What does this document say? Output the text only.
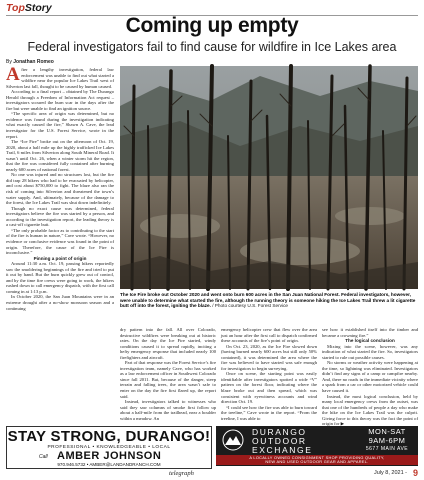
TopStory
Coming up empty
Federal investigators fail to find cause for wildfire in Ice Lakes area
By Jonathan Romeo

After a lengthy investigation, federal law enforcement was unable to find out what started a wildfire near the popular Ice Lakes Trail west of Silverton last fall, thought to be caused by human caused.

According to a final report – obtained by The Durango Herald through a Freedom of Information Act request – investigators scoured the burn scar in the days after the fire but were unable to find an ignition source.

“The specific area of origin was determined, but no evidence was found during the investigation indicating what exactly caused the fire,” Shawn A. Cave, the lead investigator for the U.S. Forest Service, wrote in the report.

The “Ice Fire” broke out on the afternoon of Oct. 19, 2020, about a half mile up the highly trafficked Ice Lakes Trail, 6 miles from Silverton along South Mineral Road. It wasn’t until Oct. 26, when a winter storm hit the region, that the fire was considered fully contained after burning nearly 600 acres of national forest.

No one was injured and no structures lost, but the fire did trap 28 hikers who had to be evacuated by helicopter, and cost about $750,000 to fight. The blaze also ran the risk of coming into Silverton and threatened the town’s water supply. And, ultimately, because of the damage to the forest, the Ice Lakes Trail was shut down indefinitely.

Though no exact cause was determined, federal investigators believe the fire was started by a person, and according to the investigation report, the leading theory is a cast-off cigarette butt.

“The only probable factor as to contributing to the start of the fire is human in nature,” Cave wrote. “However, no evidence or conclusive evidence was found in the point of origin. Therefore, the cause of the Ice Fire is inconclusive.”

Pinning a point of origin

Around 11:30 a.m. Oct. 19, passing hikers reportedly saw the smoldering beginnings of the fire and tried to put it out by hand. But the burn quickly grew out of control, and by the time fire crews were going to work, the hikers rushed down to call emergency dispatch, with the first call coming in at 1:13 p.m.

In October 2020, the San Juan Mountains were in an extreme drought after a no-show monsoon season and a continuing

The Ice Fire broke out October 2020 and went onto burn 600 acres in the San Juan National Forest. Federal investigators, however, were unable to determine what started the fire, although the running theory is someone hiking the Ice Lakes Trail threw a lit cigarette butt off into the forest, igniting the blaze. / Photo courtesy U.S. Forest Service

dry pattern into the fall. All over Colorado, destructive wildfires were breaking out at historic rates. On the day the Ice Fire started, windy conditions caused it to spread rapidly, inciting a hefty emergency response that included nearly 100 firefighters and aircraft.

Part of that response was the Forest Service’s fire investigation team, namely Cave, who has worked as a law enforcement officer in Southwest Colorado since fall 2011. But, because of the danger, steep terrain and falling trees, the area wasn’t safe to enter on the day the fire first flared up, the report said.

Instead, investigators talked to witnesses who said they saw columns of smoke first follow up about a half-mile from the trailhead, near a boulder within a meadow. An

emergency helicopter crew that flew over the area just an hour after the first call to dispatch confirmed these accounts of the fire’s point of origin.

On Oct. 23, 2020, as the Ice Fire slowed down (having burned nearly 600 acres but still only 50% contained), it was determined the area where the fire was believed to have started was safe enough for investigators to begin surveying.

Once on scene, the starting point was easily identifiable after investigators spotted a wide “V” pattern on the forest floor, indicating where the blaze broke out and then spread, which was consistent with eyewitness accounts and wind direction Oct. 19.

“I could see how the fire was able to burn toward the treeline,” Cave wrote in the report. “From the treeline, I was able to

see how it established itself into the timber and became a crowning fire.”

The logical conclusion

Mixing into the scene, however, was any indication of what started the fire. So, investigators started to rule out possible causes.

No storms or weather activity were happening at the time, so lightning was eliminated. Investigators didn’t find any signs of a camp or campfire nearby. And, there no roads in the immediate vicinity where a spark from a car or other motorized vehicle could have caused it.

Instead, the most logical conclusion, held by many local emergency crews from the outset, was that one of the hundreds of people a day who make the hike on the Ice Lakes Trail was the culprit. Giving force to this theory was the fact the point of origin for ▶

STAY STRONG, DURANGO!
PROFESSIONAL • KNOWLEDGEABLE • LOCAL
Call AMBER JOHNSON
970.946.5732 • AMBER@LANDANDRANCH.COM
DURANGO
OUTDOOR
EXCHANGE
MON-SAT
9AM-6PM
5677 MAIN AVE
A LOCALLY OWNED CONSIGNMENT SHOP PROVIDING QUALITY,
NEW AND USED OUTDOOR GEAR AND APPAREL.
telegraph	July 8, 2021 - 9
